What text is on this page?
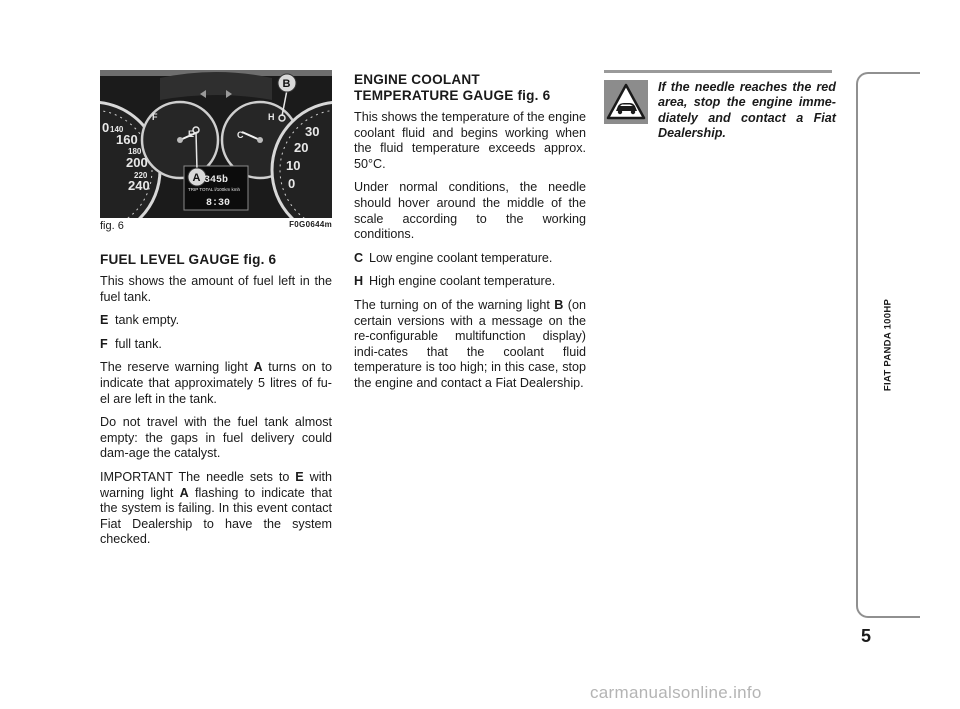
0 140
160
180
200
220
240
F
E	C
H
30
20
10
0
345b
TRIP TOTAL l/100km kmh
8:30
B
A
fig. 6	F0G0644m
FUEL LEVEL GAUGE fig. 6

This shows the amount of fuel left in the fuel tank.

E tank empty.
F full tank.

The reserve warning light A turns on to indicate that approximately 5 litres of fu-el are left in the tank.

Do not travel with the fuel tank almost empty: the gaps in fuel delivery could dam-age the catalyst.

IMPORTANT The needle sets to E with warning light A flashing to indicate that the system is failing. In this event contact Fiat Dealership to have the system checked.

ENGINE COOLANT
TEMPERATURE GAUGE fig. 6

This shows the temperature of the engine coolant fluid and begins working when the fluid temperature exceeds approx. 50°C.

Under normal conditions, the needle should hover around the middle of the scale according to the working conditions.

C Low engine coolant temperature.
H High engine coolant temperature.

The turning on of the warning light B (on certain versions with a message on the re-configurable multifunction display) indi-cates that the coolant fluid temperature is too high; in this case, stop the engine and contact a Fiat Dealership.

If the needle reaches the red area, stop the engine imme-diately and contact a Fiat Dealership.
FIAT PANDA 100HP
5
carmanualsonline.info
